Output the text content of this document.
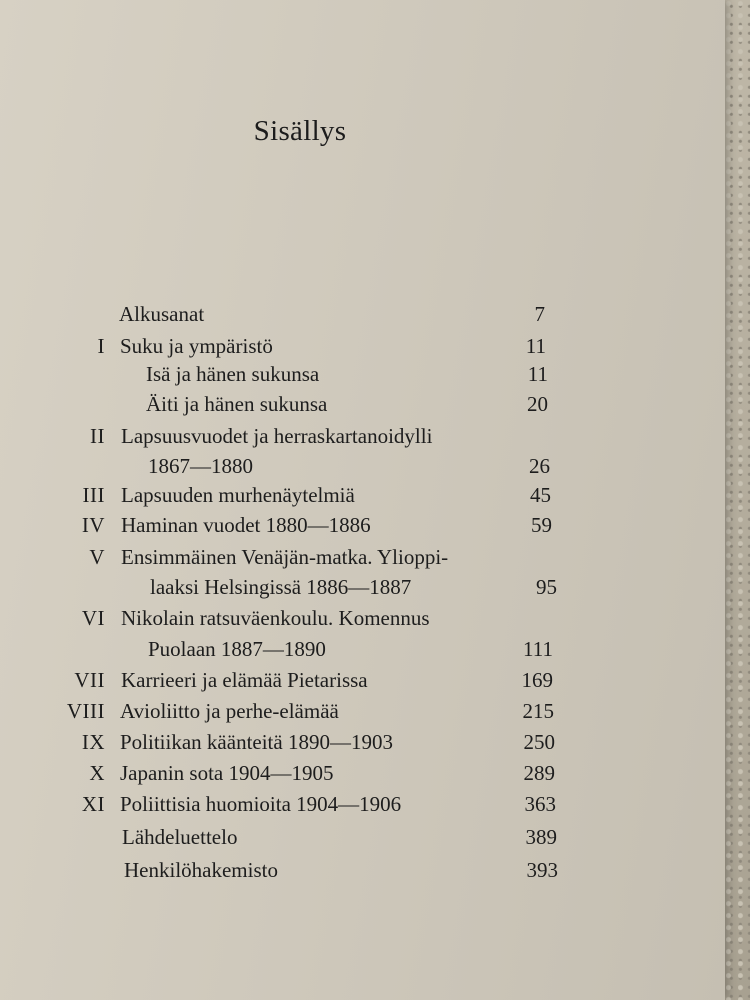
Sisällys
Alkusanat	7
I Suku ja ympäristö	11
Isä ja hänen sukunsa	11
Äiti ja hänen sukunsa	20
II Lapsuusvuodet ja herraskartanoidylli
1867—1880	26
III Lapsuuden murhenäytelmiä	45
IV Haminan vuodet 1880—1886	59
V Ensimmäinen Venäjän-matka. Ylioppi-
laaksi Helsingissä 1886—1887	95
VI Nikolain ratsuväenkoulu. Komennus
Puolaan 1887—1890	111
VII Karrieeri ja elämää Pietarissa	169
VIII Avioliitto ja perhe-elämää	215
IX Politiikan käänteitä 1890—1903	250
X Japanin sota 1904—1905	289
XI Poliittisia huomioita 1904—1906	363
Lähdeluettelo	389
Henkilöhakemisto	393
